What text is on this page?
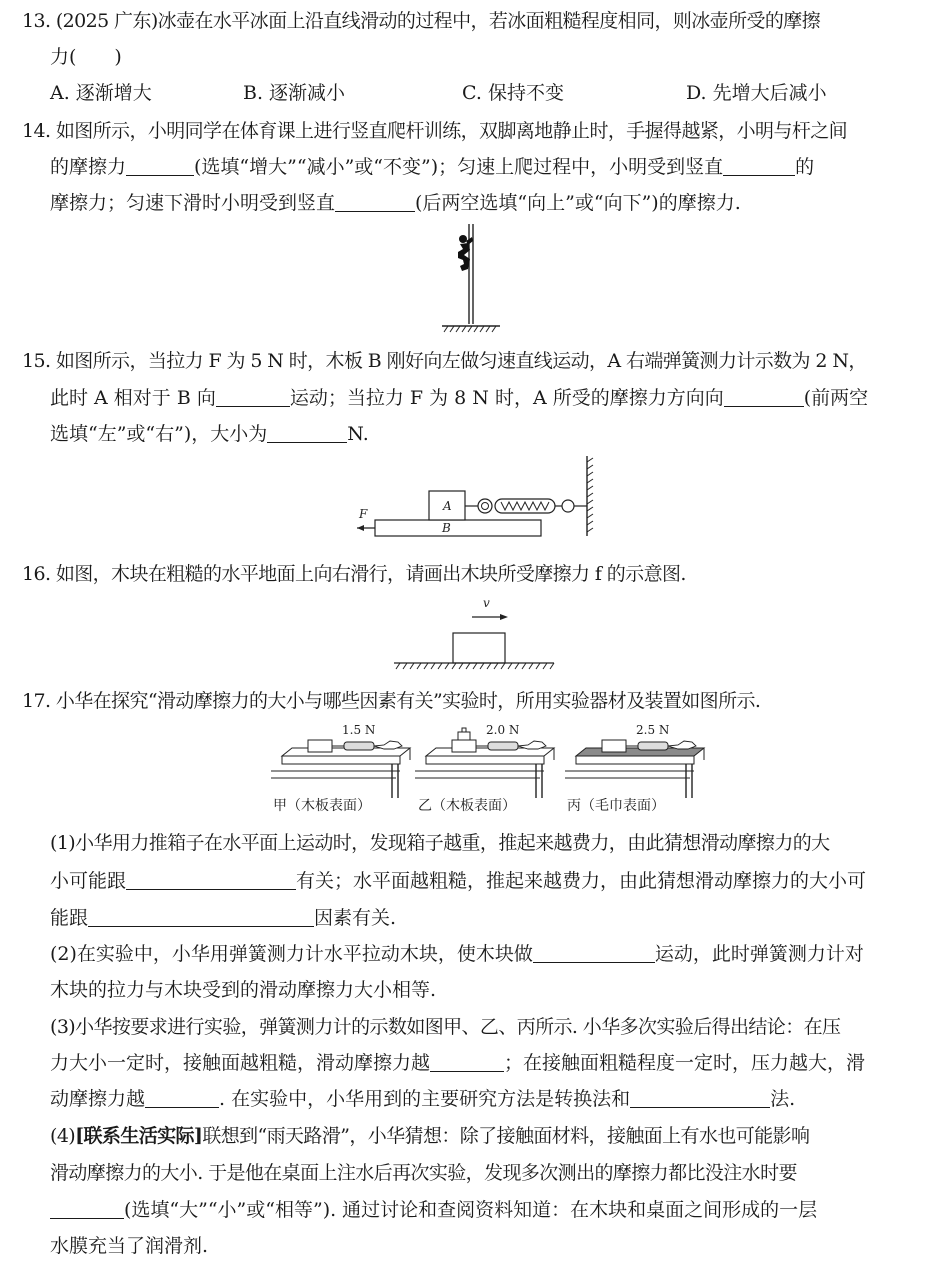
13. (2025 广东)冰壶在水平冰面上沿直线滑动的过程中，若冰面粗糙程度相同，则冰壶所受的摩擦
力( )
A. 逐渐增大	B. 逐渐减小	C. 保持不变	D. 先增大后减小
14. 如图所示，小明同学在体育课上进行竖直爬杆训练，双脚离地静止时，手握得越紧，小明与杆之间
的摩擦力	(选填“增大”“减小”或“不变”)；匀速上爬过程中，小明受到竖直	的
摩擦力；匀速下滑时小明受到竖直	(后两空选填“向上”或“向下”)的摩擦力.
15. 如图所示，当拉力 F 为 5 N 时，木板 B 刚好向左做匀速直线运动，A 右端弹簧测力计示数为 2 N，
此时 A 相对于 B 向	运动；当拉力 F 为 8 N 时，A 所受的摩擦力方向向	(前两空
选填“左”或“右”)，大小为	N.
B
A
F
16. 如图，木块在粗糙的水平地面上向右滑行，请画出木块所受摩擦力 f 的示意图.
v
17. 小华在探究“滑动摩擦力的大小与哪些因素有关”实验时，所用实验器材及装置如图所示.
1.5 N	2.0 N	2.5 N
甲（木板表面）	乙（木板表面）	丙（毛巾表面）
(1)小华用力推箱子在水平面上运动时，发现箱子越重，推起来越费力，由此猜想滑动摩擦力的大
小可能跟	有关；水平面越粗糙，推起来越费力，由此猜想滑动摩擦力的大小可
能跟	因素有关.
(2)在实验中，小华用弹簧测力计水平拉动木块，使木块做	运动，此时弹簧测力计对
木块的拉力与木块受到的滑动摩擦力大小相等.
(3)小华按要求进行实验，弹簧测力计的示数如图甲、乙、丙所示. 小华多次实验后得出结论：在压
力大小一定时，接触面越粗糙，滑动摩擦力越	；在接触面粗糙程度一定时，压力越大，滑
动摩擦力越	. 在实验中，小华用到的主要研究方法是转换法和	法.
(4)[联系生活实际]联想到“雨天路滑”，小华猜想：除了接触面材料，接触面上有水也可能影响
滑动摩擦力的大小. 于是他在桌面上注水后再次实验，发现多次测出的摩擦力都比没注水时要
(选填“大”“小”或“相等”). 通过讨论和查阅资料知道：在木块和桌面之间形成的一层
水膜充当了润滑剂.
